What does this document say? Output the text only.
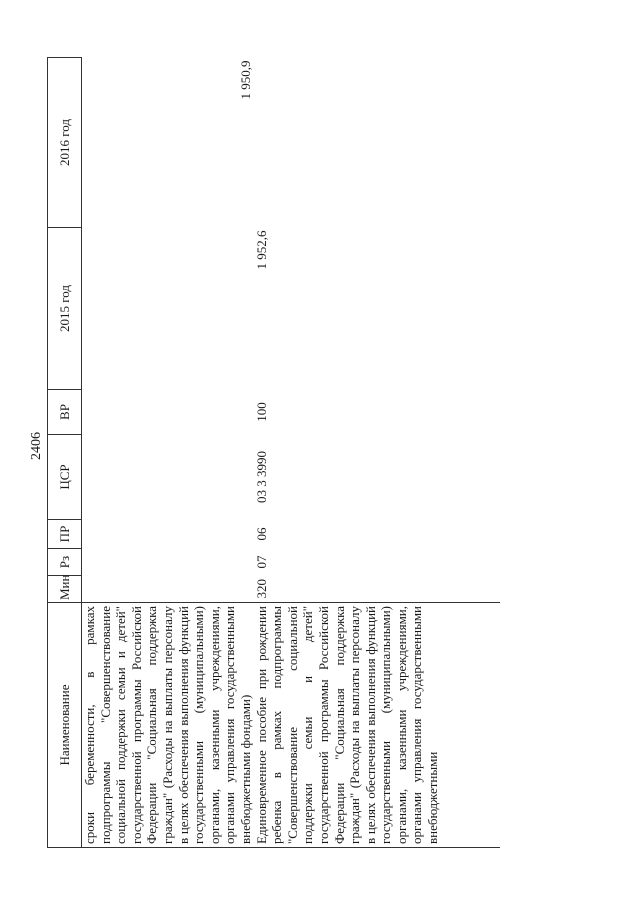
2406
Наименование	Мин	Рз	ПР	ЦСР	ВР	2015 год	2016 год

сроки беременности, в рамках подпрограммы "Совершенствование социальной поддержки семьи и детей" государственной программы Российской Федерации "Социальная поддержка граждан" (Расходы на выплаты персоналу в целях обеспечения выполнения функций государственными (муниципальными) органами, казенными учреждениями, органами управления государственными внебюджетными фондами)							1 950,9

Единовременное пособие при рождении ребенка в рамках подпрограммы "Совершенствование социальной поддержки семьи и детей" государственной программы Российской Федерации "Социальная поддержка граждан" (Расходы на выплаты персоналу в целях обеспечения выполнения функций государственными (муниципальными) органами, казенными учреждениями, органами управления государственными внебюджетными	320	07	06	03 3 3990	100	1 952,6	
